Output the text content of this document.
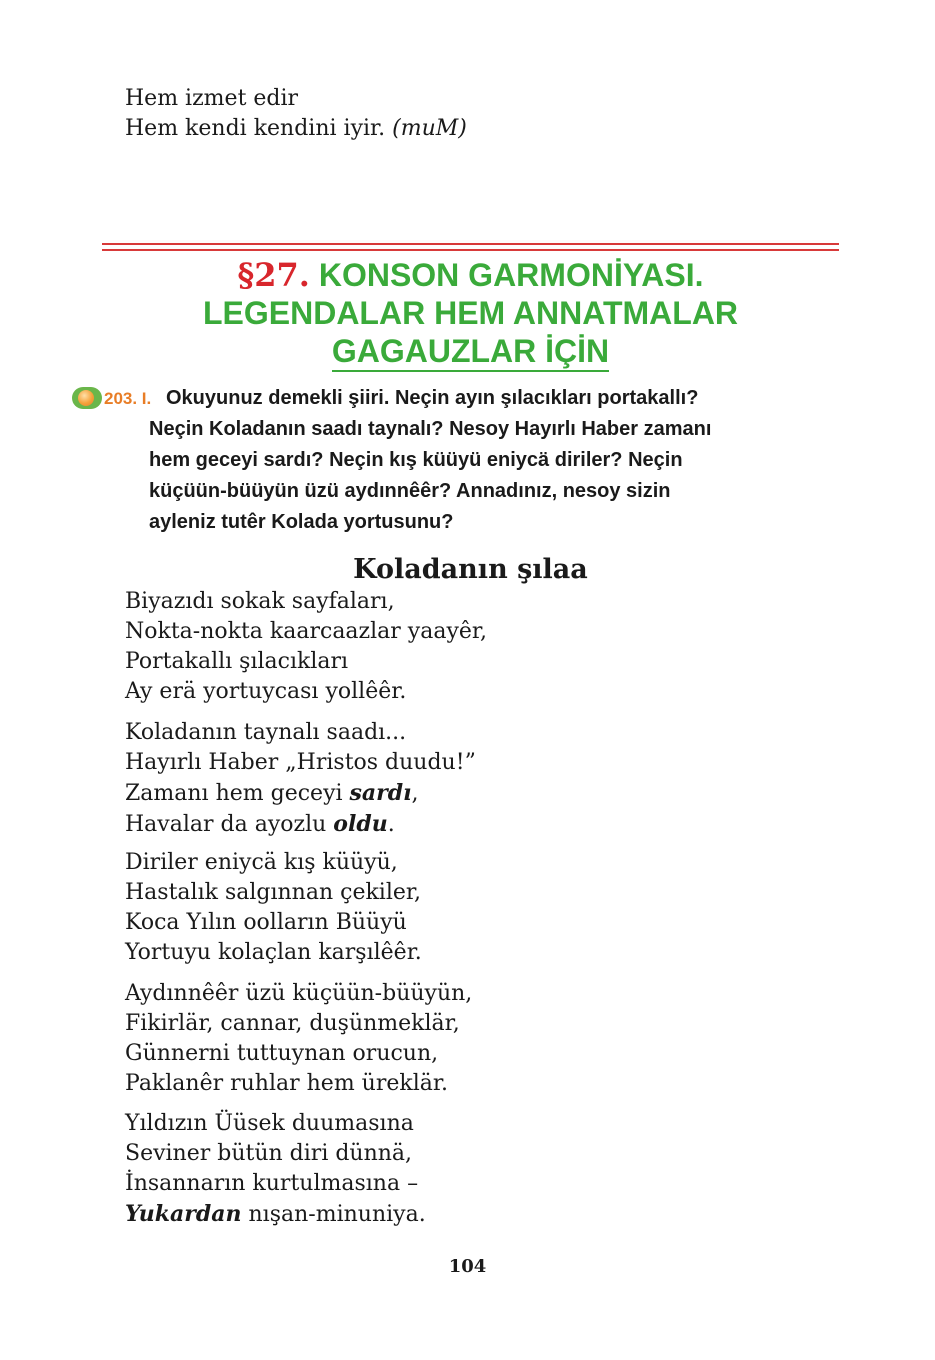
Hem izmet edir
Hem kendi kendini iyir. (muM)
§27. KONSON GARMONİYASI.
LEGENDALAR HEM ANNATMALAR
GAGAUZLAR İÇİN
203. I. Okuyunuz demekli şiiri. Neçin ayın şılacıkları portakallı?
Neçin Koladanın saadı taynalı? Nesoy Hayırlı Haber zamanı
hem geceyi sardı? Neçin kış küüyü eniycä diriler? Neçin
küçüün-büüyün üzü aydınnêêr? Annadınız, nesoy sizin
ayleniz tutêr Kolada yortusunu?
Koladanın şılaa
Biyazıdı sokak sayfaları,
Nokta-nokta kaarcaazlar yaayêr,
Portakallı şılacıkları
Ay erä yortuycası yollêêr.
Koladanın taynalı saadı...
Hayırlı Haber „Hristos duudu!”
Zamanı hem geceyi sardı,
Havalar da ayozlu oldu.
Diriler eniycä kış küüyü,
Hastalık salgınnan çekiler,
Koca Yılın oolların Büüyü
Yortuyu kolaçlan karşılêêr.
Aydınnêêr üzü küçüün-büüyün,
Fikirlär, cannar, duşünmeklär,
Günnerni tuttuynan orucun,
Paklanêr ruhlar hem üreklär.
Yıldızın Üüsek duumasına
Seviner bütün diri dünnä,
İnsannarın kurtulmasına –
Yukardan nışan-minuniya.
104
